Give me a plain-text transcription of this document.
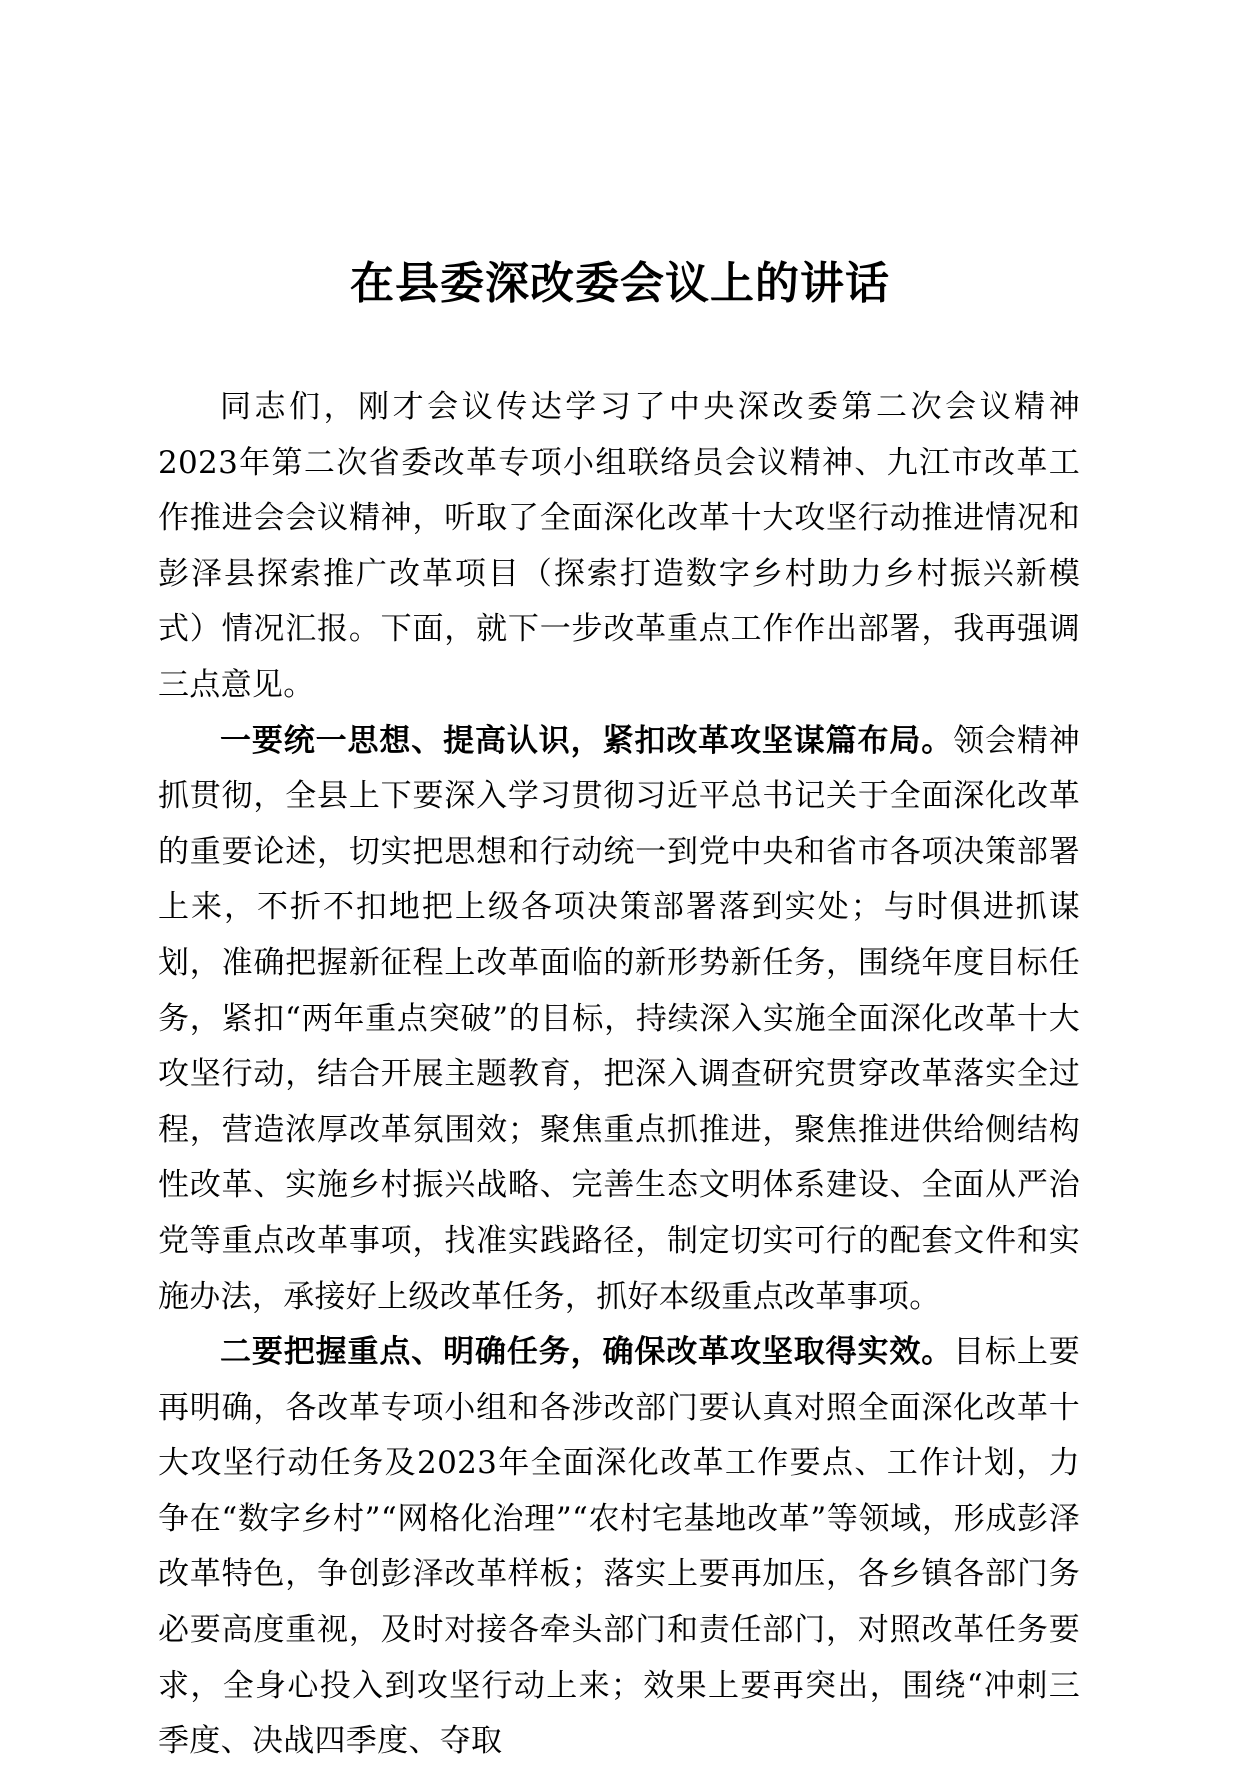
在县委深改委会议上的讲话

同志们，刚才会议传达学习了中央深改委第二次会议精神2023年第二次省委改革专项小组联络员会议精神、九江市改革工作推进会会议精神，听取了全面深化改革十大攻坚行动推进情况和彭泽县探索推广改革项目（探索打造数字乡村助力乡村振兴新模式）情况汇报。下面，就下一步改革重点工作作出部署，我再强调三点意见。

一要统一思想、提高认识，紧扣改革攻坚谋篇布局。领会精神抓贯彻，全县上下要深入学习贯彻习近平总书记关于全面深化改革的重要论述，切实把思想和行动统一到党中央和省市各项决策部署上来，不折不扣地把上级各项决策部署落到实处；与时俱进抓谋划，准确把握新征程上改革面临的新形势新任务，围绕年度目标任务，紧扣“两年重点突破”的目标，持续深入实施全面深化改革十大攻坚行动，结合开展主题教育，把深入调查研究贯穿改革落实全过程，营造浓厚改革氛围效；聚焦重点抓推进，聚焦推进供给侧结构性改革、实施乡村振兴战略、完善生态文明体系建设、全面从严治党等重点改革事项，找准实践路径，制定切实可行的配套文件和实施办法，承接好上级改革任务，抓好本级重点改革事项。

二要把握重点、明确任务，确保改革攻坚取得实效。目标上要再明确，各改革专项小组和各涉改部门要认真对照全面深化改革十大攻坚行动任务及2023年全面深化改革工作要点、工作计划，力争在“数字乡村”“网格化治理”“农村宅基地改革”等领域，形成彭泽改革特色，争创彭泽改革样板；落实上要再加压，各乡镇各部门务必要高度重视，及时对接各牵头部门和责任部门，对照改革任务要求，全身心投入到攻坚行动上来；效果上要再突出，围绕“冲刺三季度、决战四季度、夺取
